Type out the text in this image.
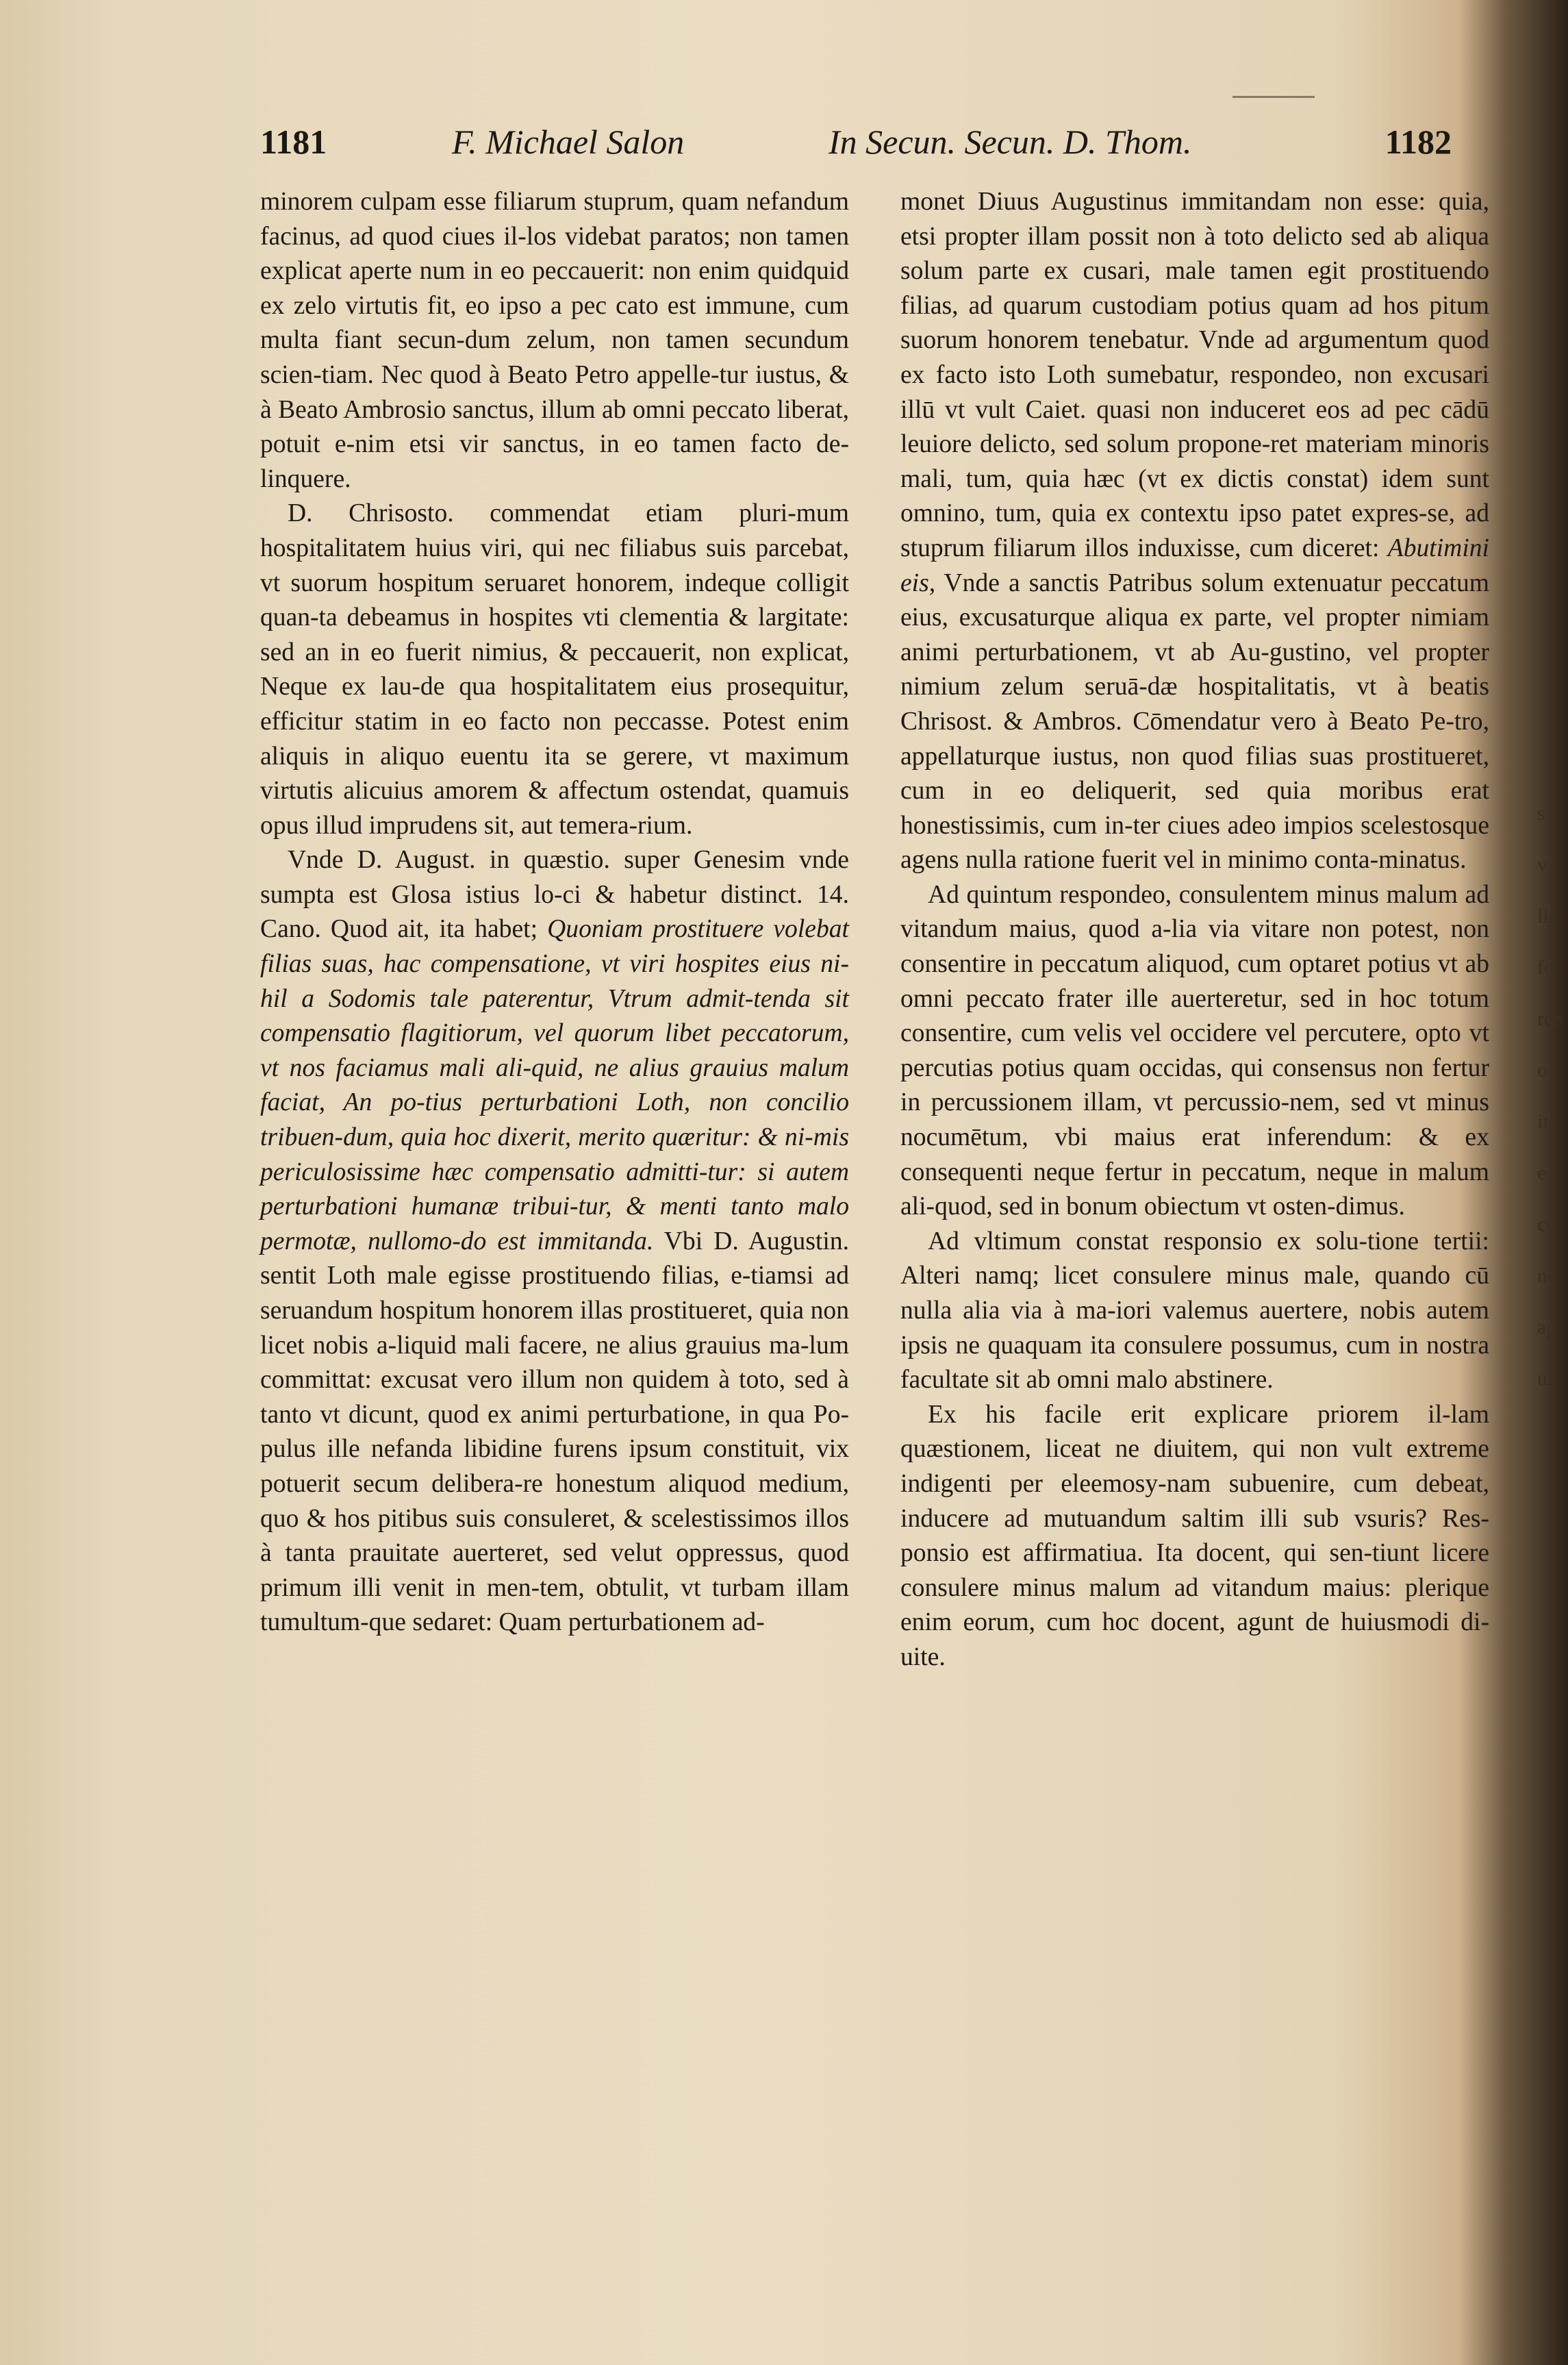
1181	F. Michael Salon	In Secun. Secun. D. Thom.	1182

minorem culpam esse filiarum stuprum, quam nefandum facinus, ad quod ciues il-los videbat paratos; non tamen explicat aperte num in eo peccauerit: non enim quidquid ex zelo virtutis fit, eo ipso a pec cato est immune, cum multa fiant secun-dum zelum, non tamen secundum scien-tiam. Nec quod à Beato Petro appelle-tur iustus, & à Beato Ambrosio sanctus, illum ab omni peccato liberat, potuit e-nim etsi vir sanctus, in eo tamen facto de-linquere.

D. Chrisosto. commendat etiam pluri-mum hospitalitatem huius viri, qui nec filiabus suis parcebat, vt suorum hospitum seruaret honorem, indeque colligit quan-ta debeamus in hospites vti clementia & largitate: sed an in eo fuerit nimius, & peccauerit, non explicat, Neque ex lau-de qua hospitalitatem eius prosequitur, efficitur statim in eo facto non peccasse. Potest enim aliquis in aliquo euentu ita se gerere, vt maximum virtutis alicuius amorem & affectum ostendat, quamuis opus illud imprudens sit, aut temera-rium.

Vnde D. August. in quæstio. super Genesim vnde sumpta est Glosa istius lo-ci & habetur distinct. 14. Cano. Quod ait, ita habet; Quoniam prostituere volebat filias suas, hac compensatione, vt viri hospites eius ni-hil a Sodomis tale paterentur, Vtrum admit-tenda sit compensatio flagitiorum, vel quorum libet peccatorum, vt nos faciamus mali ali-quid, ne alius grauius malum faciat, An po-tius perturbationi Loth, non concilio tribuen-dum, quia hoc dixerit, merito quæritur: & ni-mis periculosissime hæc compensatio admitti-tur: si autem perturbationi humanæ tribui-tur, & menti tanto malo permotæ, nullomo-do est immitanda. Vbi D. Augustin. sentit Loth male egisse prostituendo filias, e-tiamsi ad seruandum hospitum honorem illas prostitueret, quia non licet nobis a-liquid mali facere, ne alius grauius ma-lum committat: excusat vero illum non quidem à toto, sed à tanto vt dicunt, quod ex animi perturbatione, in qua Po-pulus ille nefanda libidine furens ipsum constituit, vix potuerit secum delibera-re honestum aliquod medium, quo & hos pitibus suis consuleret, & scelestissimos illos à tanta prauitate auerteret, sed velut oppressus, quod primum illi venit in men-tem, obtulit, vt turbam illam tumultum-que sedaret: Quam perturbationem ad-

monet Diuus Augustinus immitandam non esse: quia, etsi propter illam possit non à toto delicto sed ab aliqua solum parte ex cusari, male tamen egit prostituendo filias, ad quarum custodiam potius quam ad hos pitum suorum honorem tenebatur. Vnde ad argumentum quod ex facto isto Loth sumebatur, respondeo, non excusari illū vt vult Caiet. quasi non induceret eos ad pec cādū leuiore delicto, sed solum propone-ret materiam minoris mali, tum, quia hæc (vt ex dictis constat) idem sunt omnino, tum, quia ex contextu ipso patet expres-se, ad stuprum filiarum illos induxisse, cum diceret: Abutimini eis, Vnde a sanctis Patribus solum extenuatur peccatum eius, excusaturque aliqua ex parte, vel propter nimiam animi perturbationem, vt ab Au-gustino, vel propter nimium zelum seruā-dæ hospitalitatis, vt à beatis Chrisost. & Ambros. Cōmendatur vero à Beato Pe-tro, appellaturque iustus, non quod filias suas prostitueret, cum in eo deliquerit, sed quia moribus erat honestissimis, cum in-ter ciues adeo impios scelestosque agens nulla ratione fuerit vel in minimo conta-minatus.

Ad quintum respondeo, consulentem minus malum ad vitandum maius, quod a-lia via vitare non potest, non consentire in peccatum aliquod, cum optaret potius vt ab omni peccato frater ille auerteretur, sed in hoc totum consentire, cum velis vel occidere vel percutere, opto vt percutias potius quam occidas, qui consensus non fertur in percussionem illam, vt percussio-nem, sed vt minus nocumētum, vbi maius erat inferendum: & ex consequenti neque fertur in peccatum, neque in malum ali-quod, sed in bonum obiectum vt osten-dimus.

Ad vltimum constat responsio ex solu-tione tertii: Alteri namq; licet consulere minus male, quando cū nulla alia via à ma-iori valemus auertere, nobis autem ipsis ne quaquam ita consulere possumus, cum in nostra facultate sit ab omni malo abstinere.

Ex his facile erit explicare priorem il-lam quæstionem, liceat ne diuitem, qui non vult extreme indigenti per eleemosy-nam subuenire, cum debeat, inducere ad mutuandum saltim illi sub vsuris? Res-ponsio est affirmatiua. Ita docent, qui sen-tiunt licere consulere minus malum ad vitandum maius: plerique enim eorum, cum hoc docent, agunt de huiusmodi di-uite.

s
v
lij
fo
rep
on
ite
e
cu
ne
ap
ui
